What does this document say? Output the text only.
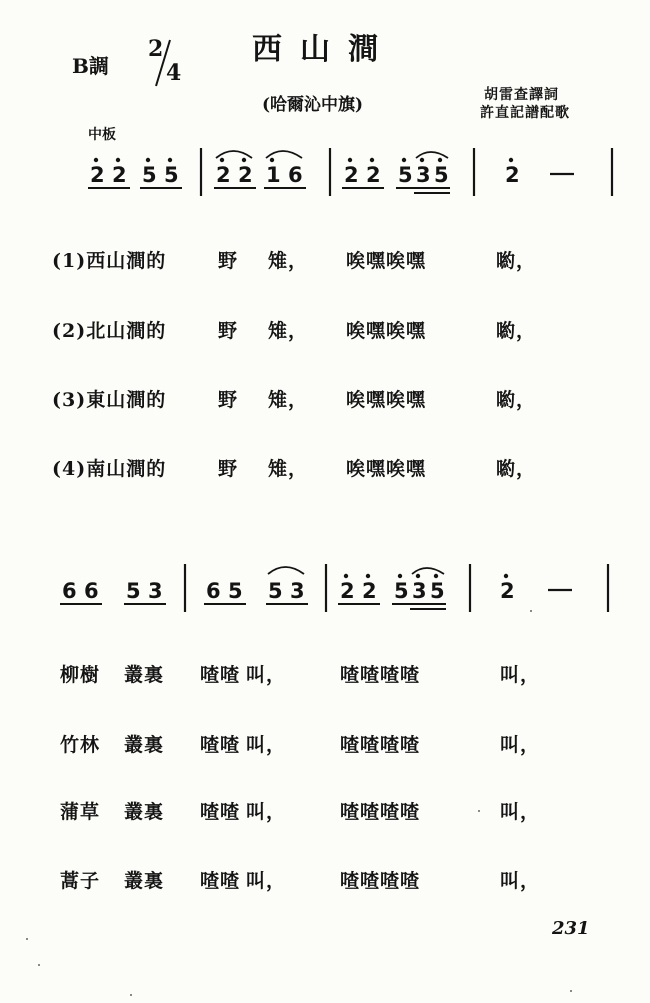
西山澗
B調
2
4
(哈爾沁中旗)	胡雷查譯詞
許直記譜配歌
中板
2 2 5 5 2 2 1 6 2 2 5 3 5	2
(1)西山澗的	野 雉， 唉嘿唉嘿	喲，
(2)北山澗的	野 雉， 唉嘿唉嘿	喲，
(3)東山澗的	野 雉， 唉嘿唉嘿	喲，
(4)南山澗的	野 雉， 唉嘿唉嘿	喲，
6 6 5 3 6 5 5 3 2 2 5 3 5	2
柳樹 叢裏 喳喳 叫，	喳喳喳喳	叫，
竹林 叢裏 喳喳 叫，	喳喳喳喳	叫，
蒲草 叢裏 喳喳 叫，	喳喳喳喳	叫，
蒿子 叢裏 喳喳 叫，	喳喳喳喳	叫，
231
